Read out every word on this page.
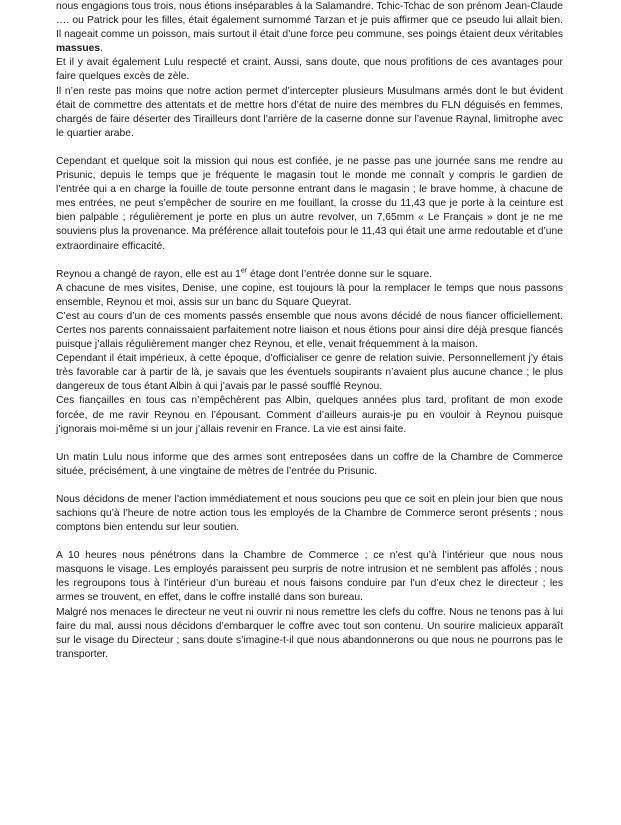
nous engagions tous trois, nous étions inséparables à la Salamandre. Tchic-Tchac de son prénom Jean-Claude …. ou Patrick pour les filles, était également surnommé Tarzan et je puis affirmer que ce pseudo lui allait bien. Il nageait comme un poisson, mais surtout il était d’une force peu commune, ses poings étaient deux véritables massues.

Et il y avait également Lulu respecté et craint. Aussi, sans doute, que nous profitions de ces avantages pour faire quelques excès de zèle.

Il n’en reste pas moins que notre action permet d’intercepter plusieurs Musulmans armés dont le but évident était de commettre des attentats et de mettre hors d’état de nuire des membres du FLN déguisés en femmes, chargés de faire déserter des Tirailleurs dont l’arrière de la caserne donne sur l’avenue Raynal, limitrophe avec le quartier arabe.

Cependant et quelque soit la mission qui nous est confiée, je ne passe pas une journée sans me rendre au Prisunic, depuis le temps que je fréquente le magasin tout le monde me connaît y compris le gardien de l’entrée qui a en charge la fouille de toute personne entrant dans le magasin ; le brave homme, à chacune de mes entrées, ne peut s’empêcher de sourire en me fouillant, la crosse du 11,43 que je porte à la ceinture est bien palpable ; régulièrement je porte en plus un autre revolver, un 7,65mm « Le Français » dont je ne me souviens plus la provenance. Ma préférence allait toutefois pour le 11,43 qui était une arme redoutable et d’une extraordinaire efficacité.

Reynou a changé de rayon, elle est au 1er étage dont l’entrée donne sur le square.

A chacune de mes visites, Denise, une copine, est toujours là pour la remplacer le temps que nous passons ensemble, Reynou et moi, assis sur un banc du Square Queyrat.

C’est au cours d’un de ces moments passés ensemble que nous avons décidé de nous fiancer officiellement. Certes nos parents connaissaient parfaitement notre liaison et nous étions pour ainsi dire déjà presque fiancés puisque j’allais régulièrement manger chez Reynou, et elle, venait fréquemment à la maison.

Cependant il était impérieux, à cette époque, d’officialiser ce genre de relation suivie. Personnellement j’y étais très favorable car à partir de là, je savais que les éventuels soupirants n’avaient plus aucune chance ; le plus dangereux de tous étant Albin à qui j’avais par le passé soufflé Reynou.

Ces fiançailles en tous cas n’empêchèrent pas Albin, quelques années plus tard, profitant de mon exode forcée, de me ravir Reynou en l’épousant. Comment d’ailleurs aurais-je pu en vouloir à Reynou puisque j’ignorais moi-même si un jour j’allais revenir en France. La vie est ainsi faite.

Un matin Lulu nous informe que des armes sont entreposées dans un coffre de la Chambre de Commerce située, précisément, à une vingtaine de mètres de l’entrée du Prisunic.

Nous décidons de mener l’action immédiatement et nous soucions peu que ce soit en plein jour bien que nous sachions qu’à l’heure de notre action tous les employés de la Chambre de Commerce seront présents ; nous comptons bien entendu sur leur soutien.

A 10 heures nous pénétrons dans la Chambre de Commerce ; ce n’est qu’à l’intérieur que nous nous masquons le visage. Les employés paraissent peu surpris de notre intrusion et ne semblent pas affolés ; nous les regroupons tous à l’intérieur d’un bureau et nous faisons conduire par l’un d’eux chez le directeur ; les armes se trouvent, en effet, dans le coffre installé dans son bureau.

Malgré nos menaces le directeur ne veut ni ouvrir ni nous remettre les clefs du coffre. Nous ne tenons pas à lui faire du mal, aussi nous décidons d’embarquer le coffre avec tout son contenu. Un sourire malicieux apparaît sur le visage du Directeur ; sans doute s’imagine-t-il que nous abandonnerons ou que nous ne pourrons pas le transporter.
